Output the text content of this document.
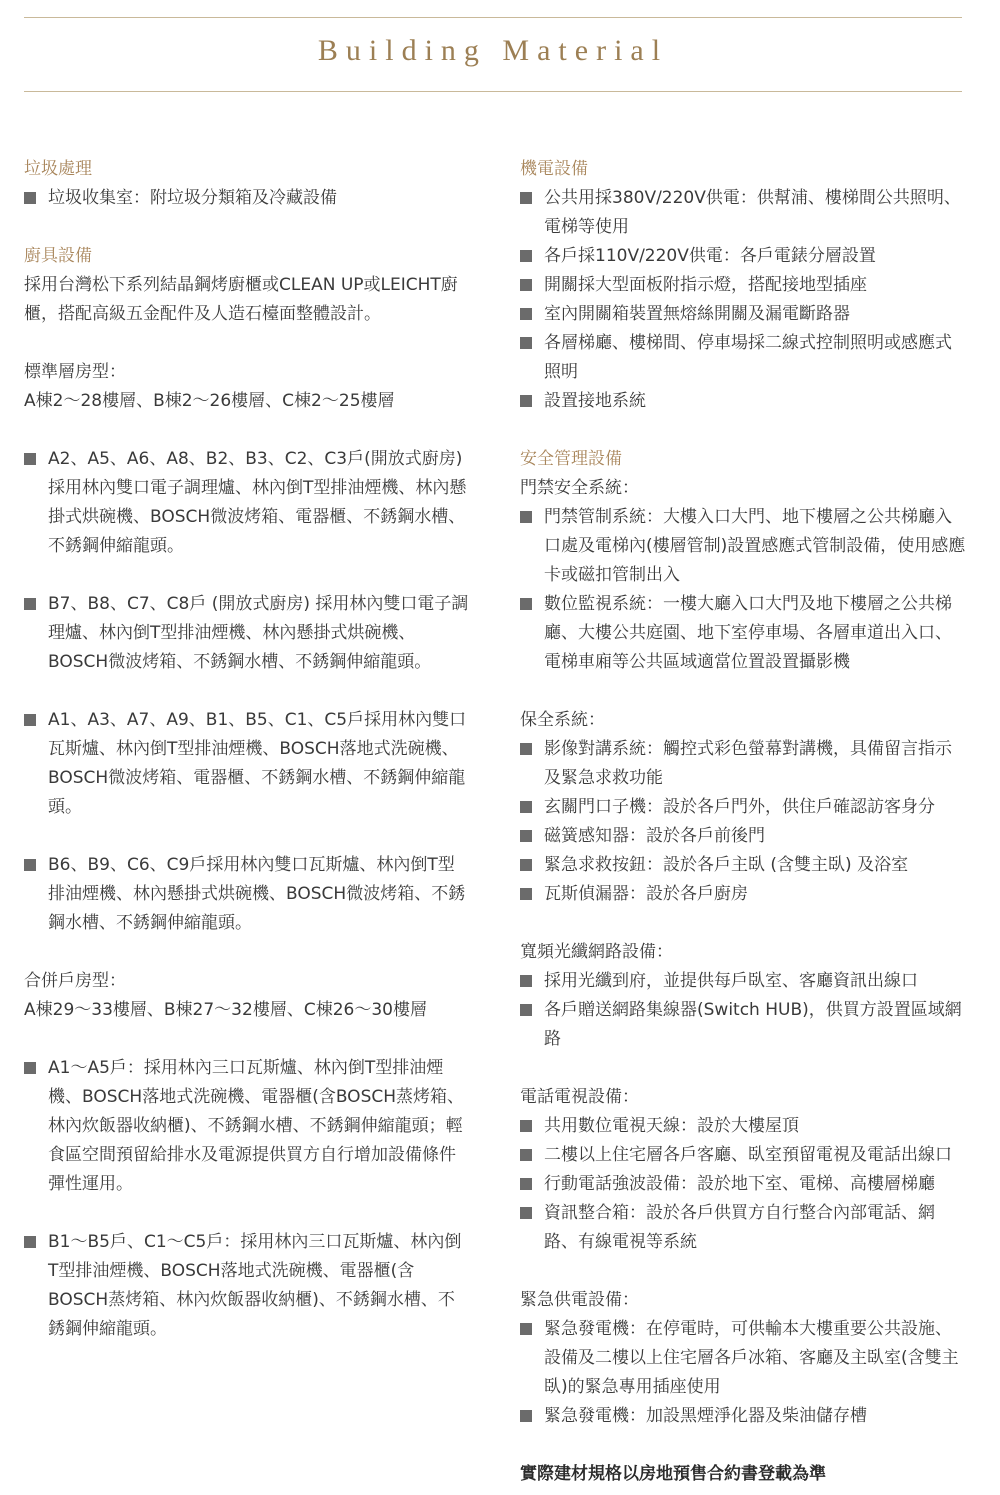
Building Material
垃圾處理
垃圾收集室：附垃圾分類箱及冷藏設備
廚具設備
採用台灣松下系列結晶鋼烤廚櫃或CLEAN UP或LEICHT廚櫃，搭配高級五金配件及人造石檯面整體設計。
標準層房型：
A棟2～28樓層、B棟2～26樓層、C棟2～25樓層
A2、A5、A6、A8、B2、B3、C2、C3戶(開放式廚房)採用林內雙口電子調理爐、林內倒T型排油煙機、林內懸掛式烘碗機、BOSCH微波烤箱、電器櫃、不銹鋼水槽、不銹鋼伸縮龍頭。
B7、B8、C7、C8戶 (開放式廚房) 採用林內雙口電子調理爐、林內倒T型排油煙機、林內懸掛式烘碗機、BOSCH微波烤箱、不銹鋼水槽、不銹鋼伸縮龍頭。
A1、A3、A7、A9、B1、B5、C1、C5戶採用林內雙口瓦斯爐、林內倒T型排油煙機、BOSCH落地式洗碗機、BOSCH微波烤箱、電器櫃、不銹鋼水槽、不銹鋼伸縮龍頭。
B6、B9、C6、C9戶採用林內雙口瓦斯爐、林內倒T型排油煙機、林內懸掛式烘碗機、BOSCH微波烤箱、不銹鋼水槽、不銹鋼伸縮龍頭。
合併戶房型：
A棟29～33樓層、B棟27～32樓層、C棟26～30樓層
A1～A5戶：採用林內三口瓦斯爐、林內倒T型排油煙機、BOSCH落地式洗碗機、電器櫃(含BOSCH蒸烤箱、林內炊飯器收納櫃)、不銹鋼水槽、不銹鋼伸縮龍頭；輕食區空間預留給排水及電源提供買方自行增加設備條件彈性運用。
B1～B5戶、C1～C5戶：採用林內三口瓦斯爐、林內倒T型排油煙機、BOSCH落地式洗碗機、電器櫃(含BOSCH蒸烤箱、林內炊飯器收納櫃)、不銹鋼水槽、不銹鋼伸縮龍頭。
機電設備
公共用採380V/220V供電：供幫浦、樓梯間公共照明、電梯等使用
各戶採110V/220V供電：各戶電錶分層設置
開關採大型面板附指示燈，搭配接地型插座
室內開關箱裝置無熔絲開關及漏電斷路器
各層梯廳、樓梯間、停車場採二線式控制照明或感應式照明
設置接地系統
安全管理設備
門禁安全系統：
門禁管制系統：大樓入口大門、地下樓層之公共梯廳入口處及電梯內(樓層管制)設置感應式管制設備，使用感應卡或磁扣管制出入
數位監視系統：一樓大廳入口大門及地下樓層之公共梯廳、大樓公共庭園、地下室停車場、各層車道出入口、電梯車廂等公共區域適當位置設置攝影機
保全系統：
影像對講系統：觸控式彩色螢幕對講機，具備留言指示及緊急求救功能
玄關門口子機：設於各戶門外，供住戶確認訪客身分
磁簧感知器：設於各戶前後門
緊急求救按鈕：設於各戶主臥 (含雙主臥) 及浴室
瓦斯偵漏器：設於各戶廚房
寬頻光纖網路設備：
採用光纖到府，並提供每戶臥室、客廳資訊出線口
各戶贈送網路集線器(Switch HUB)，供買方設置區域網路
電話電視設備：
共用數位電視天線：設於大樓屋頂
二樓以上住宅層各戶客廳、臥室預留電視及電話出線口
行動電話強波設備：設於地下室、電梯、高樓層梯廳
資訊整合箱：設於各戶供買方自行整合內部電話、網路、有線電視等系統
緊急供電設備：
緊急發電機：在停電時，可供輸本大樓重要公共設施、設備及二樓以上住宅層各戶冰箱、客廳及主臥室(含雙主臥)的緊急專用插座使用
緊急發電機：加設黑煙淨化器及柴油儲存槽
實際建材規格以房地預售合約書登載為準
